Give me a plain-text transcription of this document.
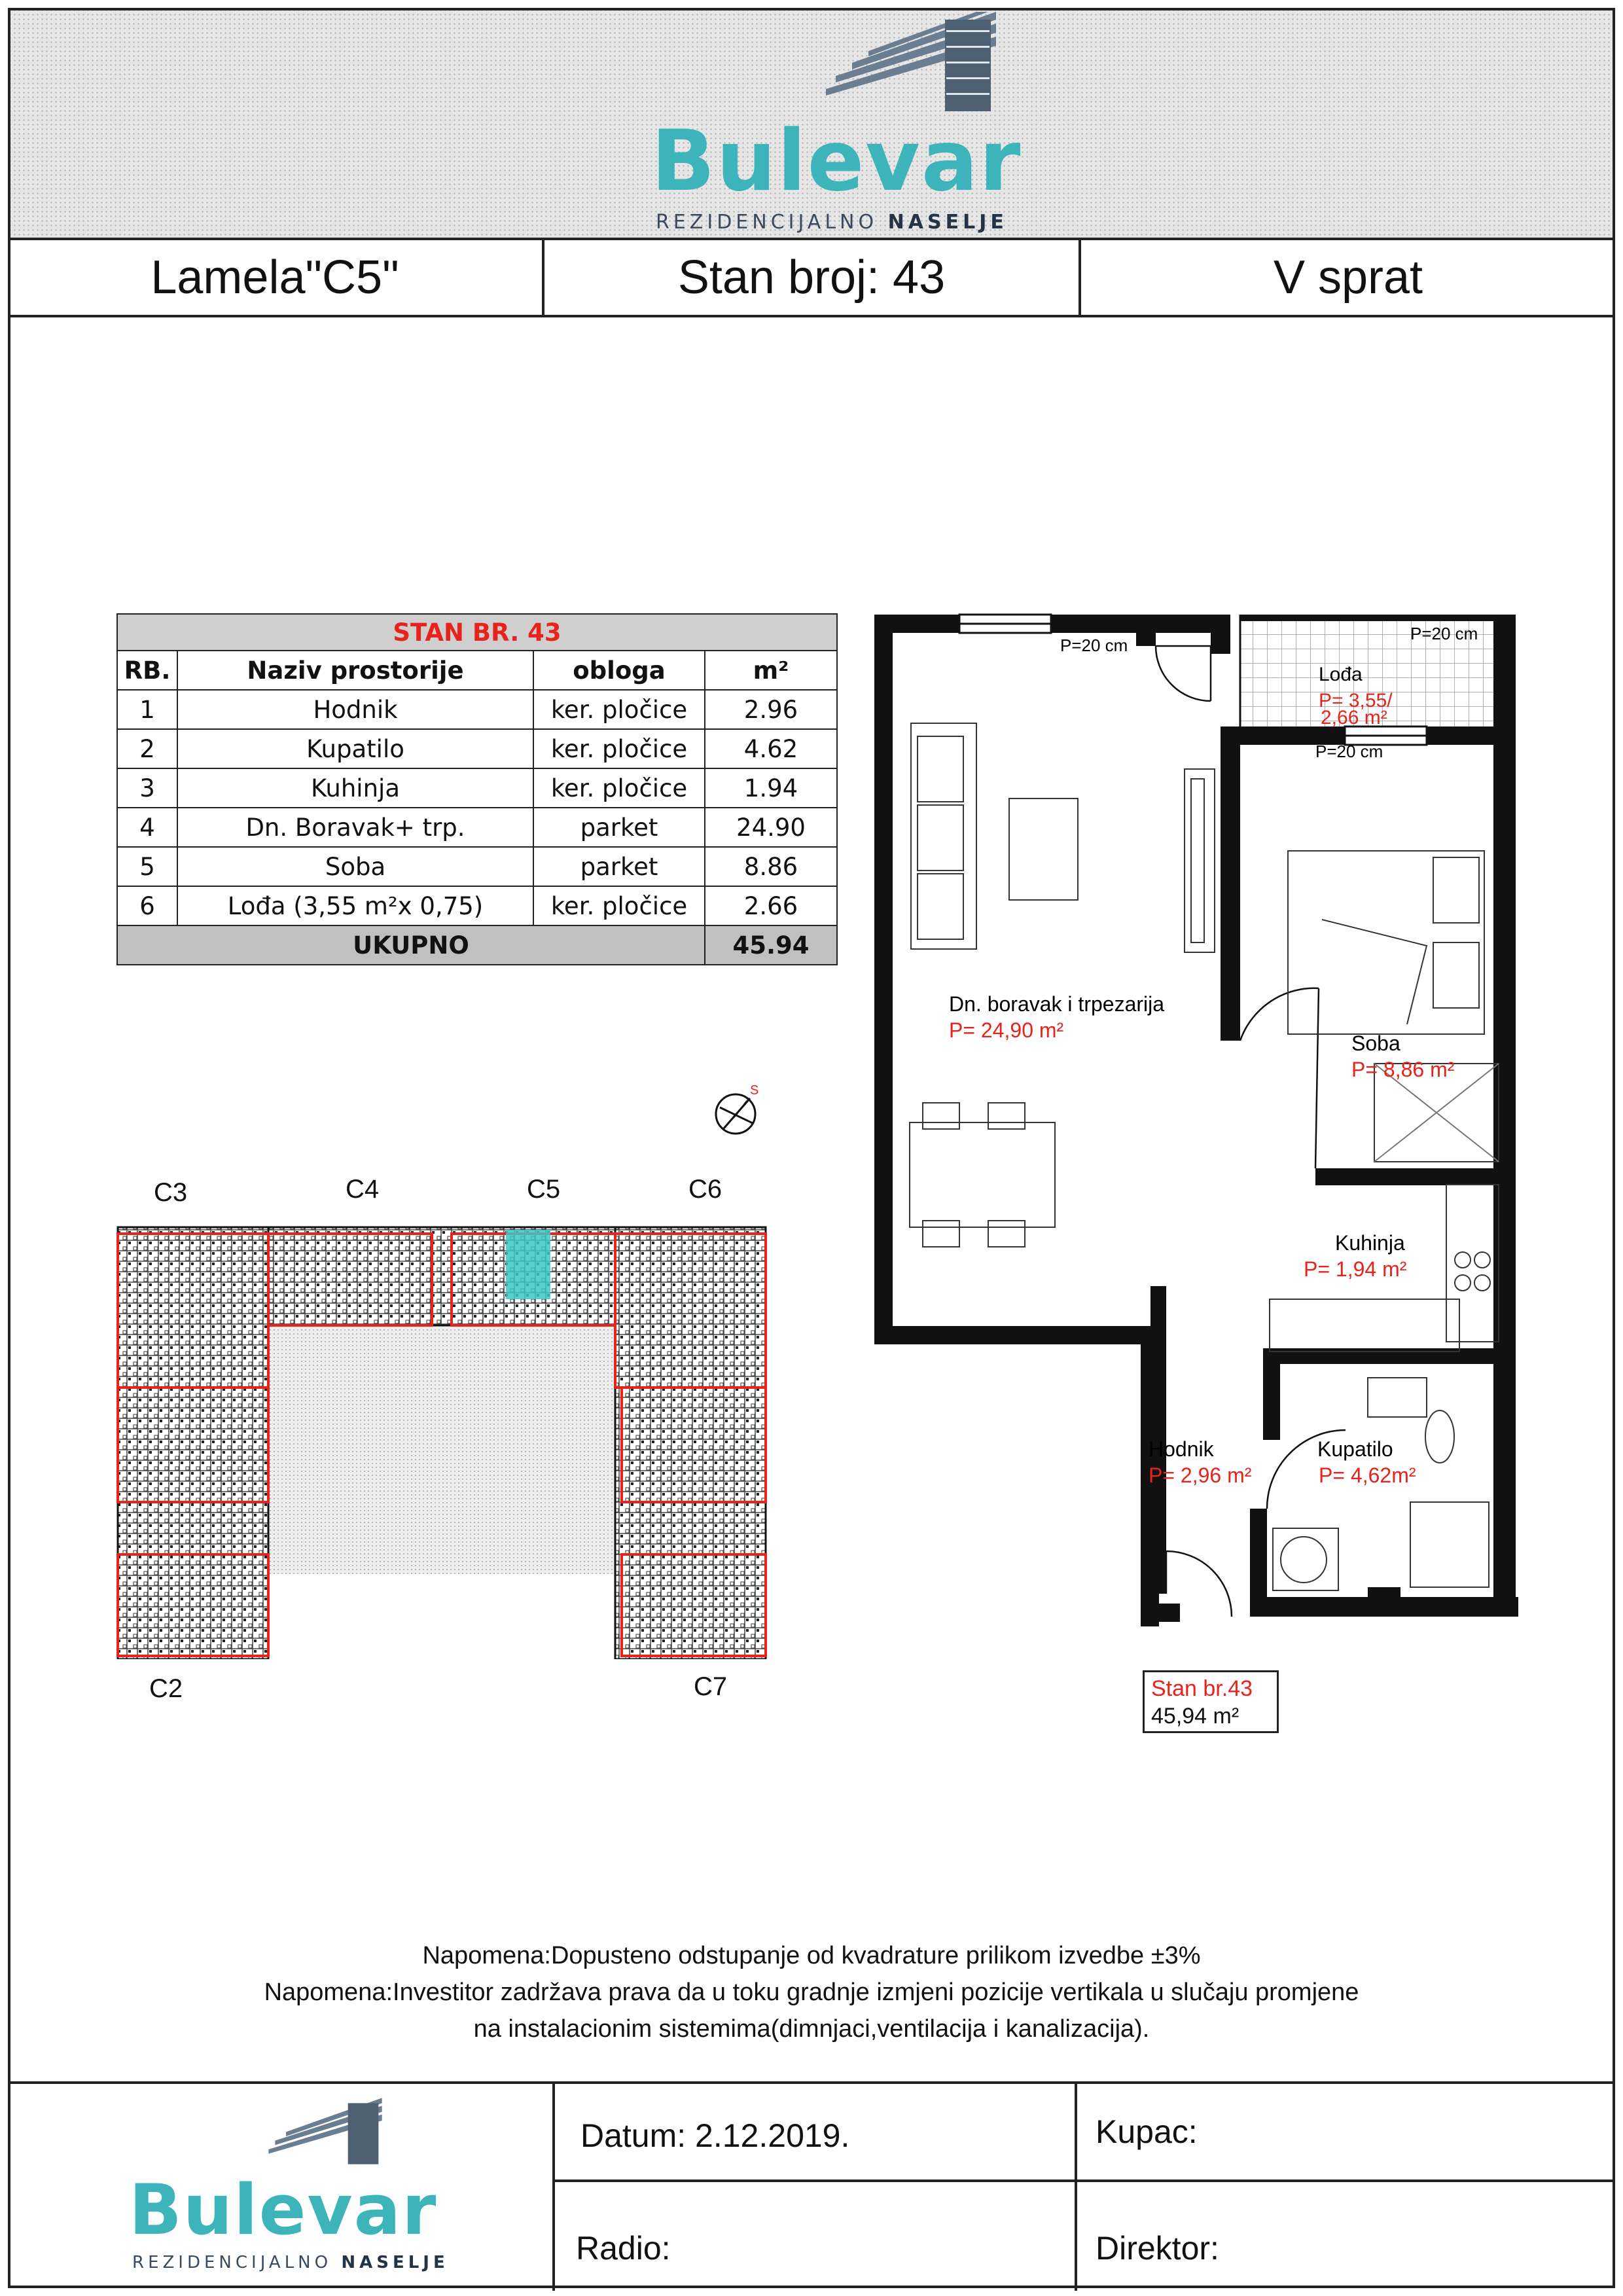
Bulevar
REZIDENCIJALNO NASELJE
Lamela"C5"	Stan broj: 43	V sprat
STAN BR. 43			
RB.	Naziv prostorije	obloga	m²
1	Hodnik	ker. pločice	2.96
2	Kupatilo	ker. pločice	4.62
3	Kuhinja	ker. pločice	1.94
4	Dn. Boravak+ trp.	parket	24.90
5	Soba	parket	8.86
6	Lođa (3,55 m²x 0,75)	ker. pločice	2.66
UKUPNO			45.94
S
C3	C4	C5	C6
C2	C7
P=20 cm
P=20 cm
P=20 cm
Lođa
P= 3,55/
2,66 m²
Dn. boravak i trpezarija
P= 24,90 m²
Soba
P= 8,86 m²
Kuhinja
P= 1,94 m²
Hodnik
P= 2,96 m²
Kupatilo
P= 4,62m²
Stan br.43
45,94 m²
Napomena:Dopusteno odstupanje od kvadrature prilikom izvedbe ±3%
Napomena:Investitor zadržava prava da u toku gradnje izmjeni pozicije vertikala u slučaju promjene
na instalacionim sistemima(dimnjaci,ventilacija i kanalizacija).
Bulevar
REZIDENCIJALNO NASELJE
Datum: 2.12.2019.	Kupac:
Radio:	Direktor:
